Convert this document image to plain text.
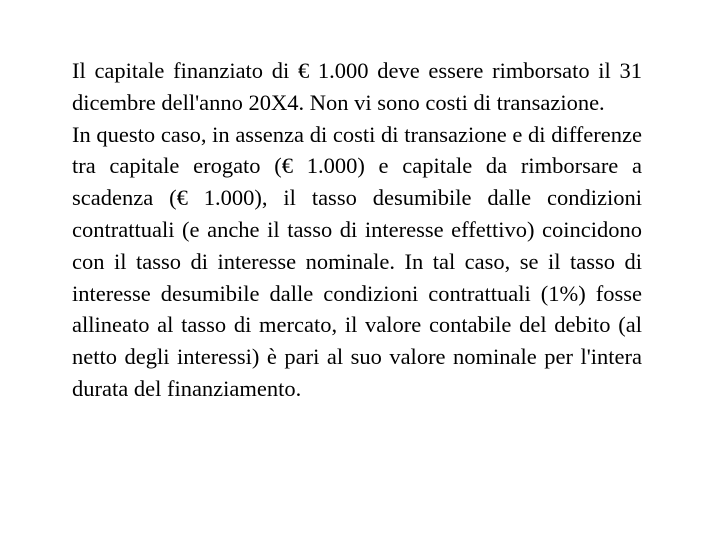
Il capitale finanziato di € 1.000 deve essere rimborsato il 31 dicembre dell'anno 20X4. Non vi sono costi di transazione.

In questo caso, in assenza di costi di transazione e di differenze tra capitale erogato (€ 1.000) e capitale da rimborsare a scadenza (€ 1.000), il tasso desumibile dalle condizioni contrattuali (e anche il tasso di interesse effettivo) coincidono con il tasso di interesse nominale. In tal caso, se il tasso di interesse desumibile dalle condizioni contrattuali (1%) fosse allineato al tasso di mercato, il valore contabile del debito (al netto degli interessi) è pari al suo valore nominale per l'intera durata del finanziamento.
